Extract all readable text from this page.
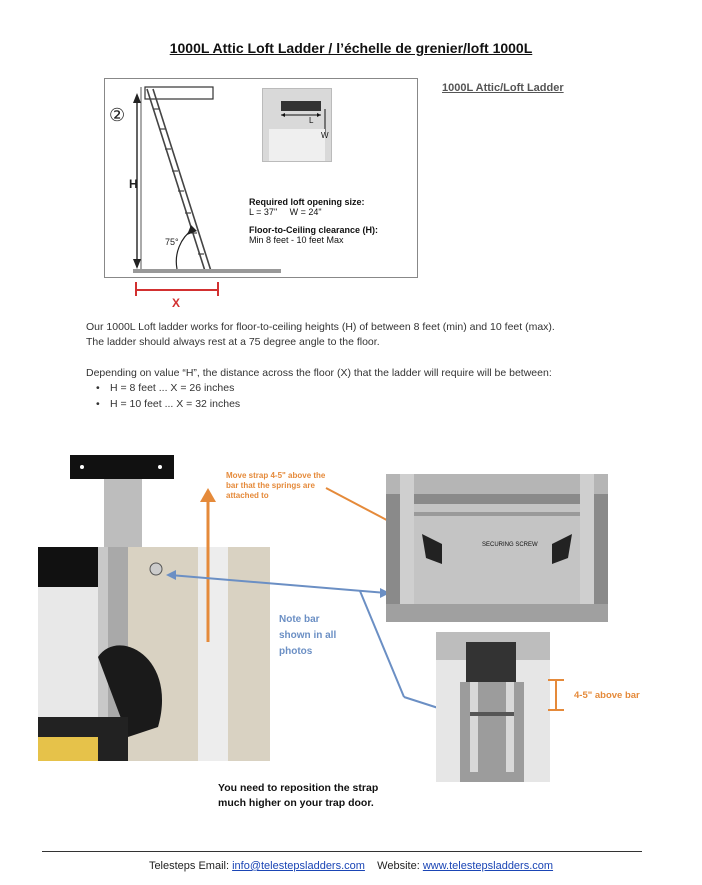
1000L Attic Loft Ladder / l’échelle de grenier/loft 1000L
75°
②
H
Required loft opening size:
L = 37"     W = 24"
Floor-to-Ceiling clearance (H):
Min 8 feet - 10 feet Max
L
W
X
1000L Attic/Loft Ladder
Our 1000L Loft ladder works for floor-to-ceiling heights (H) of between 8 feet (min) and 10 feet (max).
The ladder should always rest at a 75 degree angle to the floor.
Depending on value “H”, the distance across the floor (X) that the ladder will require will be between:
• H = 8 feet ... X = 26 inches
• H = 10 feet ... X = 32 inches
Move strap 4-5" above the bar that the springs are attached to
Note bar shown in all photos
SECURING SCREW
4-5" above bar
You need to reposition the strap
much higher on your trap door.
Telesteps Email: info@telestepsladders.com Website: www.telestepsladders.com
